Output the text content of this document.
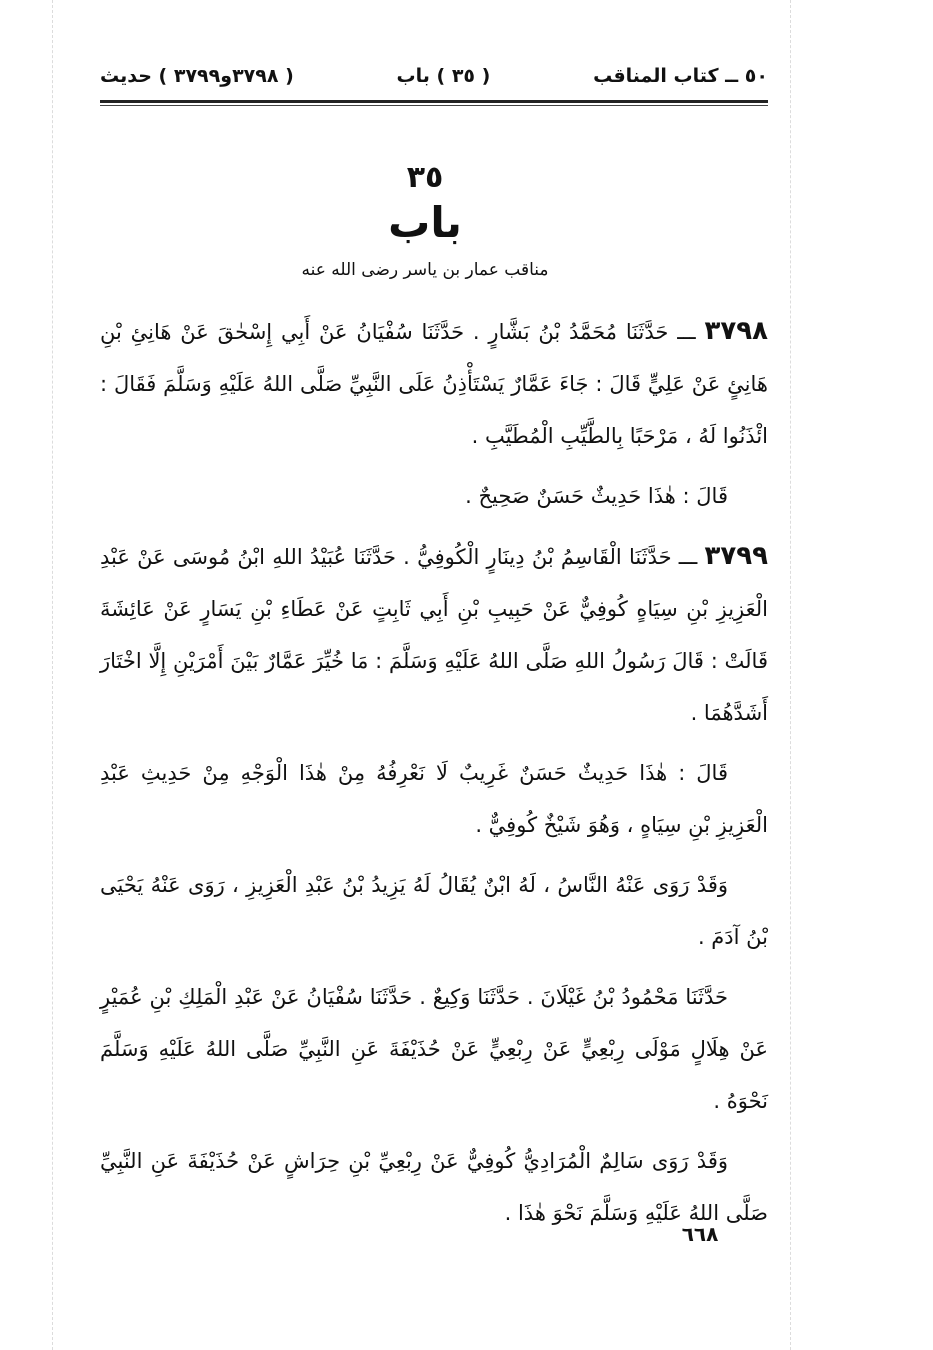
٥٠ ــ كتاب المناقب
( ٣٥ ) باب
( ٣٧٩٨و٣٧٩٩ ) حديث
٣٥
باب
مناقب عمار بن ياسر رضى الله عنه

٣٧٩٨ ـــ حَدَّثَنَا مُحَمَّدُ بْنُ بَشَّارٍ . حَدَّثَنَا سُفْيَانُ عَنْ أَبِي إِسْحٰقَ عَنْ هَانِئِ بْنِ هَانِئٍ عَنْ عَلِيٍّ قَالَ : جَاءَ عَمَّارٌ يَسْتَأْذِنُ عَلَى النَّبِيِّ صَلَّى اللهُ عَلَيْهِ وَسَلَّمَ فَقَالَ : ائْذَنُوا لَهُ ، مَرْحَبًا بِالطَّيِّبِ الْمُطَيَّبِ .

قَالَ : هٰذَا حَدِيثٌ حَسَنٌ صَحِيحٌ .

٣٧٩٩ ـــ حَدَّثَنَا الْقَاسِمُ بْنُ دِينَارٍ الْكُوفِيُّ . حَدَّثَنَا عُبَيْدُ اللهِ ابْنُ مُوسَى عَنْ عَبْدِ الْعَزِيزِ بْنِ سِيَاهٍ كُوفِيٌّ عَنْ حَبِيبِ بْنِ أَبِي ثَابِتٍ عَنْ عَطَاءِ بْنِ يَسَارٍ عَنْ عَائِشَةَ قَالَتْ : قَالَ رَسُولُ اللهِ صَلَّى اللهُ عَلَيْهِ وَسَلَّمَ : مَا خُيِّرَ عَمَّارٌ بَيْنَ أَمْرَيْنِ إِلَّا اخْتَارَ أَشَدَّهُمَا .

قَالَ : هٰذَا حَدِيثٌ حَسَنٌ غَرِيبٌ لَا نَعْرِفُهُ مِنْ هٰذَا الْوَجْهِ مِنْ حَدِيثِ عَبْدِ الْعَزِيزِ بْنِ سِيَاهٍ ، وَهُوَ شَيْخٌ كُوفِيٌّ .

وَقَدْ رَوَى عَنْهُ النَّاسُ ، لَهُ ابْنٌ يُقَالُ لَهُ يَزِيدُ بْنُ عَبْدِ الْعَزِيزِ ، رَوَى عَنْهُ يَحْيَى بْنُ آدَمَ .

حَدَّثَنَا مَحْمُودُ بْنُ غَيْلَانَ . حَدَّثَنَا وَكِيعٌ . حَدَّثَنَا سُفْيَانُ عَنْ عَبْدِ الْمَلِكِ بْنِ عُمَيْرٍ عَنْ هِلَالٍ مَوْلَى رِبْعِيٍّ عَنْ رِبْعِيٍّ عَنْ حُذَيْفَةَ عَنِ النَّبِيِّ صَلَّى اللهُ عَلَيْهِ وَسَلَّمَ نَحْوَهُ .

وَقَدْ رَوَى سَالِمٌ الْمُرَادِيُّ كُوفِيٌّ عَنْ رِبْعِيِّ بْنِ حِرَاشٍ عَنْ حُذَيْفَةَ عَنِ النَّبِيِّ صَلَّى اللهُ عَلَيْهِ وَسَلَّمَ نَحْوَ هٰذَا .

٦٦٨
